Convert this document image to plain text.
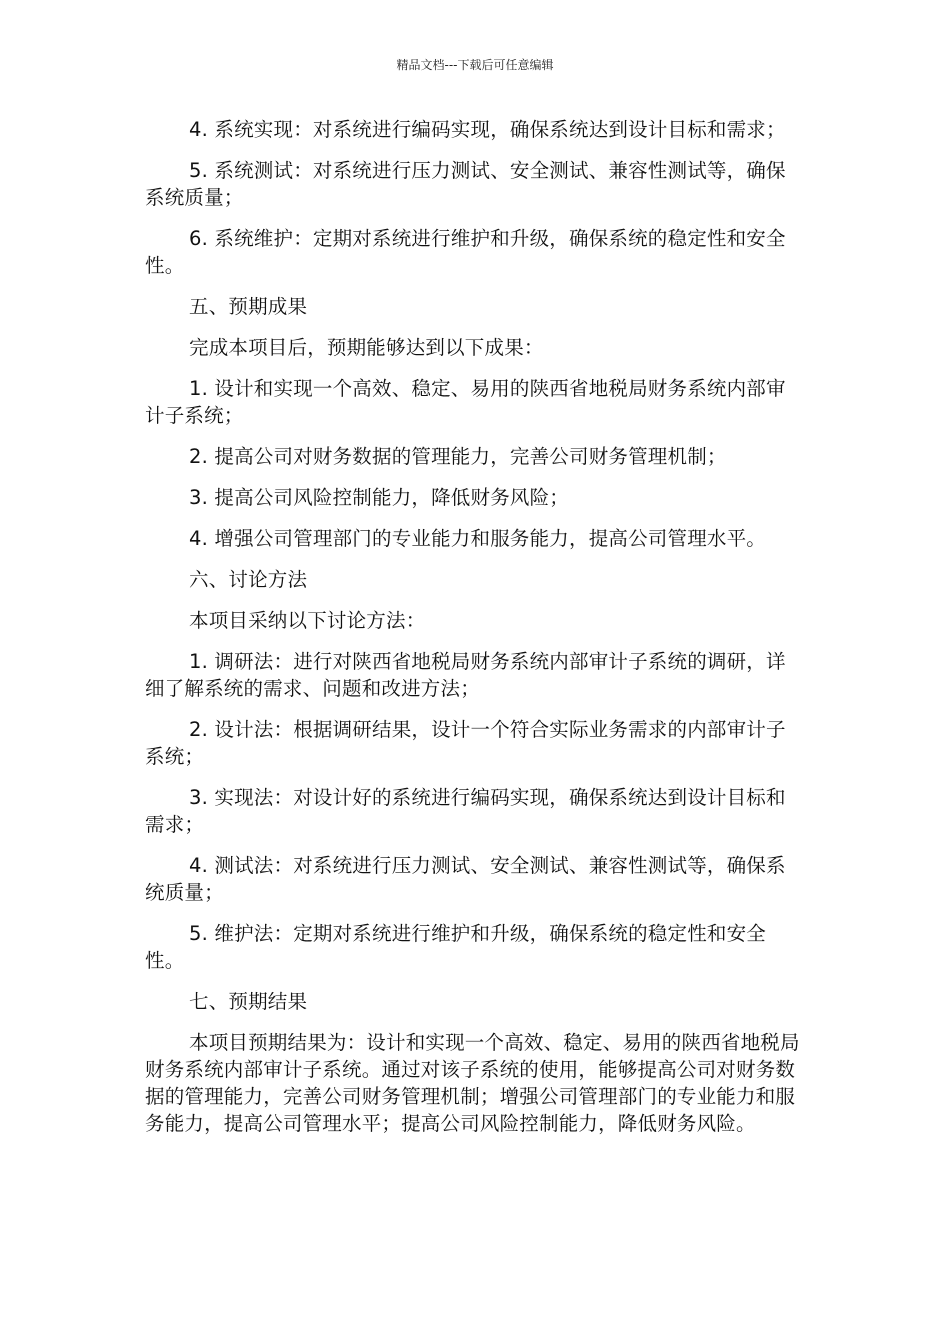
精品文档---下载后可任意编辑

4. 系统实现：对系统进行编码实现，确保系统达到设计目标和需求；

5. 系统测试：对系统进行压力测试、安全测试、兼容性测试等，确保系统质量；

6. 系统维护：定期对系统进行维护和升级，确保系统的稳定性和安全性。

五、预期成果

完成本项目后，预期能够达到以下成果：

1. 设计和实现一个高效、稳定、易用的陕西省地税局财务系统内部审计子系统；

2. 提高公司对财务数据的管理能力，完善公司财务管理机制；

3. 提高公司风险控制能力，降低财务风险；

4. 增强公司管理部门的专业能力和服务能力，提高公司管理水平。

六、讨论方法

本项目采纳以下讨论方法：

1. 调研法：进行对陕西省地税局财务系统内部审计子系统的调研，详细了解系统的需求、问题和改进方法；

2. 设计法：根据调研结果，设计一个符合实际业务需求的内部审计子系统；

3. 实现法：对设计好的系统进行编码实现，确保系统达到设计目标和需求；

4. 测试法：对系统进行压力测试、安全测试、兼容性测试等，确保系统质量；

5. 维护法：定期对系统进行维护和升级，确保系统的稳定性和安全性。

七、预期结果

本项目预期结果为：设计和实现一个高效、稳定、易用的陕西省地税局财务系统内部审计子系统。通过对该子系统的使用，能够提高公司对财务数据的管理能力，完善公司财务管理机制；增强公司管理部门的专业能力和服务能力，提高公司管理水平；提高公司风险控制能力，降低财务风险。
